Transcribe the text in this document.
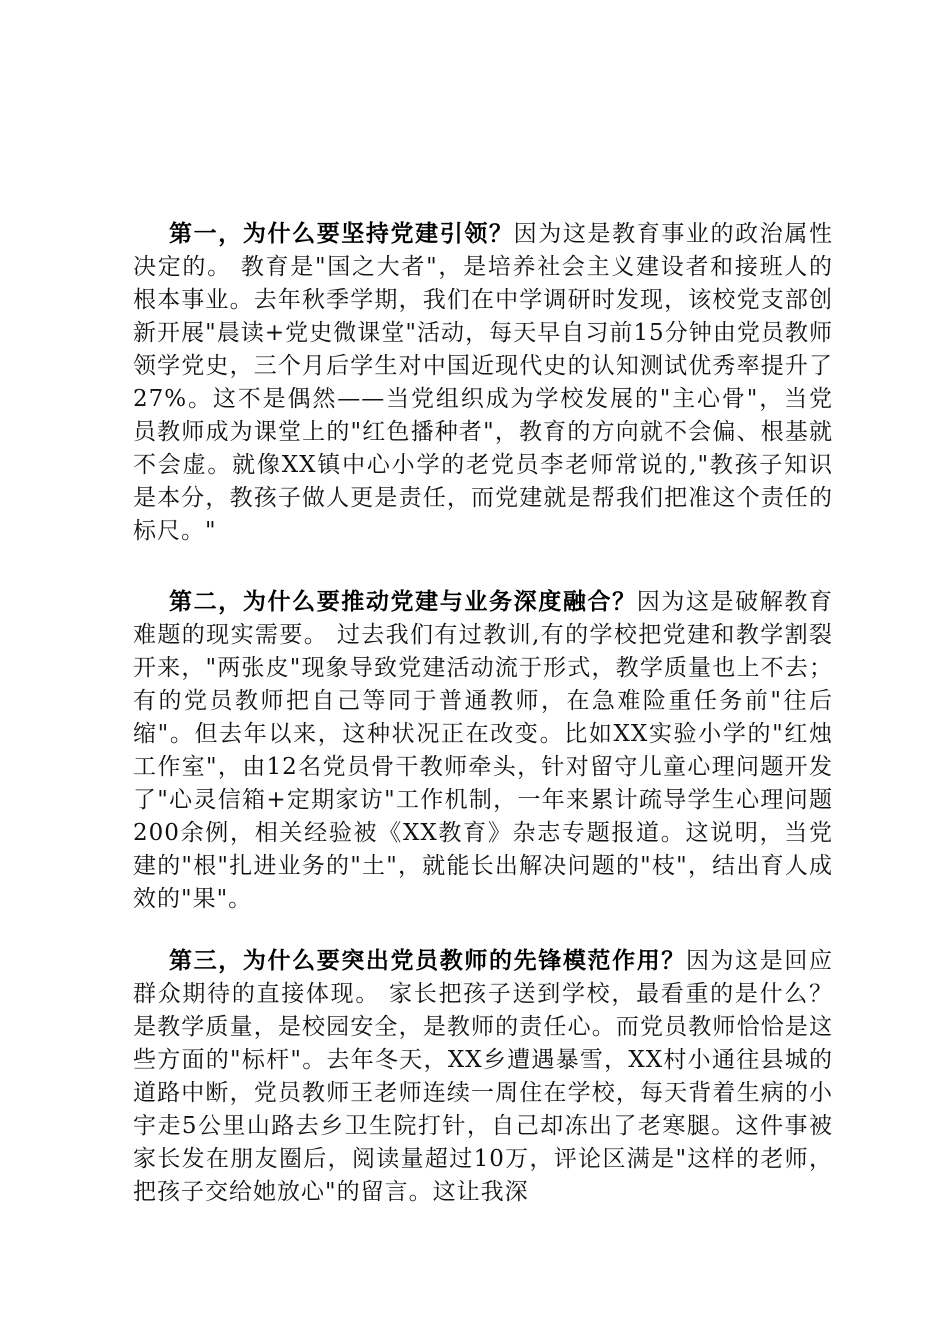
第一，为什么要坚持党建引领？因为这是教育事业的政治属性决定的。 教育是"国之大者"，是培养社会主义建设者和接班人的根本事业。去年秋季学期，我们在中学调研时发现，该校党支部创新开展"晨读+党史微课堂"活动，每天早自习前15分钟由党员教师领学党史，三个月后学生对中国近现代史的认知测试优秀率提升了27%。这不是偶然——当党组织成为学校发展的"主心骨"，当党员教师成为课堂上的"红色播种者"，教育的方向就不会偏、根基就不会虚。就像XX镇中心小学的老党员李老师常说的,"教孩子知识是本分，教孩子做人更是责任，而党建就是帮我们把准这个责任的标尺。"

第二，为什么要推动党建与业务深度融合？因为这是破解教育难题的现实需要。 过去我们有过教训,有的学校把党建和教学割裂开来，"两张皮"现象导致党建活动流于形式，教学质量也上不去；有的党员教师把自己等同于普通教师，在急难险重任务前"往后缩"。但去年以来，这种状况正在改变。比如XX实验小学的"红烛工作室"，由12名党员骨干教师牵头，针对留守儿童心理问题开发了"心灵信箱+定期家访"工作机制，一年来累计疏导学生心理问题200余例，相关经验被《XX教育》杂志专题报道。这说明，当党建的"根"扎进业务的"土"，就能长出解决问题的"枝"，结出育人成效的"果"。

第三，为什么要突出党员教师的先锋模范作用？因为这是回应群众期待的直接体现。 家长把孩子送到学校，最看重的是什么？是教学质量，是校园安全，是教师的责任心。而党员教师恰恰是这些方面的"标杆"。去年冬天，XX乡遭遇暴雪，XX村小通往县城的道路中断，党员教师王老师连续一周住在学校，每天背着生病的小宇走5公里山路去乡卫生院打针，自己却冻出了老寒腿。这件事被家长发在朋友圈后，阅读量超过10万，评论区满是"这样的老师，把孩子交给她放心"的留言。这让我深
